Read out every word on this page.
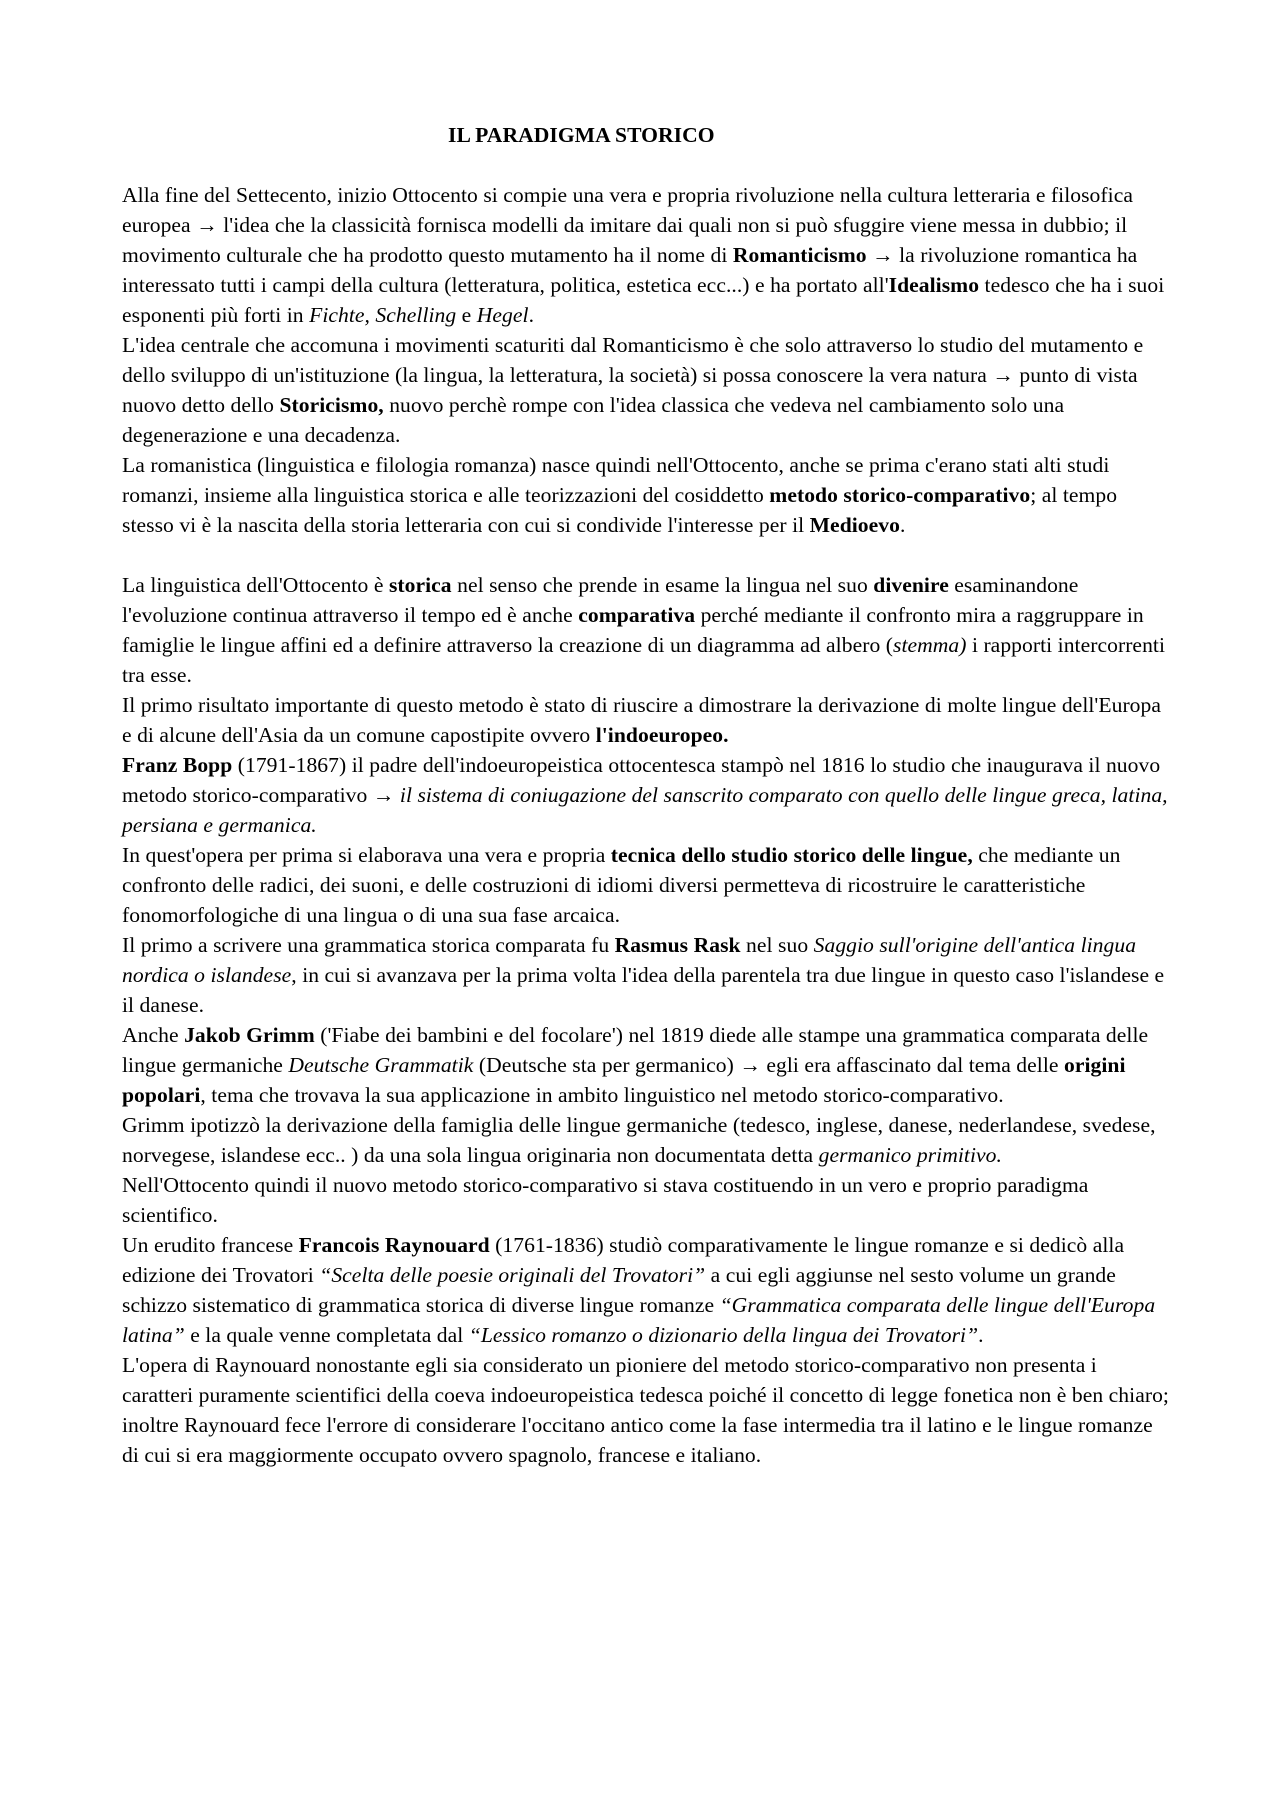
IL PARADIGMA STORICO

Alla fine del Settecento, inizio Ottocento si compie una vera e propria rivoluzione nella cultura letteraria e filosofica europea → l'idea che la classicità fornisca modelli da imitare dai quali non si può sfuggire viene messa in dubbio; il movimento culturale che ha prodotto questo mutamento ha il nome di Romanticismo → la rivoluzione romantica ha interessato tutti i campi della cultura (letteratura, politica, estetica ecc...) e ha portato all'Idealismo tedesco che ha i suoi esponenti più forti in Fichte, Schelling e Hegel.

L'idea centrale che accomuna i movimenti scaturiti dal Romanticismo è che solo attraverso lo studio del mutamento e dello sviluppo di un'istituzione (la lingua, la letteratura, la società) si possa conoscere la vera natura → punto di vista nuovo detto dello Storicismo, nuovo perchè rompe con l'idea classica che vedeva nel cambiamento solo una degenerazione e una decadenza.

La romanistica (linguistica e filologia romanza) nasce quindi nell'Ottocento, anche se prima c'erano stati alti studi romanzi, insieme alla linguistica storica e alle teorizzazioni del cosiddetto metodo storico-comparativo; al tempo stesso vi è la nascita della storia letteraria con cui si condivide l'interesse per il Medioevo.

La linguistica dell'Ottocento è storica nel senso che prende in esame la lingua nel suo divenire esaminandone l'evoluzione continua attraverso il tempo ed è anche comparativa perché mediante il confronto mira a raggruppare in famiglie le lingue affini ed a definire attraverso la creazione di un diagramma ad albero (stemma) i rapporti intercorrenti tra esse.

Il primo risultato importante di questo metodo è stato di riuscire a dimostrare la derivazione di molte lingue dell'Europa e di alcune dell'Asia da un comune capostipite ovvero l'indoeuropeo.

Franz Bopp (1791-1867) il padre dell'indoeuropeistica ottocentesca stampò nel 1816 lo studio che inaugurava il nuovo metodo storico-comparativo → il sistema di coniugazione del sanscrito comparato con quello delle lingue greca, latina, persiana e germanica.

In quest'opera per prima si elaborava una vera e propria tecnica dello studio storico delle lingue, che mediante un confronto delle radici, dei suoni, e delle costruzioni di idiomi diversi permetteva di ricostruire le caratteristiche fonomorfologiche di una lingua o di una sua fase arcaica.

Il primo a scrivere una grammatica storica comparata fu Rasmus Rask nel suo Saggio sull'origine dell'antica lingua nordica o islandese, in cui si avanzava per la prima volta l'idea della parentela tra due lingue in questo caso l'islandese e il danese.

Anche Jakob Grimm ('Fiabe dei bambini e del focolare') nel 1819 diede alle stampe una grammatica comparata delle lingue germaniche Deutsche Grammatik (Deutsche sta per germanico) → egli era affascinato dal tema delle origini popolari, tema che trovava la sua applicazione in ambito linguistico nel metodo storico-comparativo.

Grimm ipotizzò la derivazione della famiglia delle lingue germaniche (tedesco, inglese, danese, nederlandese, svedese, norvegese, islandese ecc.. ) da una sola lingua originaria non documentata detta germanico primitivo.

Nell'Ottocento quindi il nuovo metodo storico-comparativo si stava costituendo in un vero e proprio paradigma scientifico.

Un erudito francese Francois Raynouard (1761-1836) studiò comparativamente le lingue romanze e si dedicò alla edizione dei Trovatori “Scelta delle poesie originali del Trovatori” a cui egli aggiunse nel sesto volume un grande schizzo sistematico di grammatica storica di diverse lingue romanze “Grammatica comparata delle lingue dell'Europa latina” e la quale venne completata dal “Lessico romanzo o dizionario della lingua dei Trovatori”.

L'opera di Raynouard nonostante egli sia considerato un pioniere del metodo storico-comparativo non presenta i caratteri puramente scientifici della coeva indoeuropeistica tedesca poiché il concetto di legge fonetica non è ben chiaro; inoltre Raynouard fece l'errore di considerare l'occitano antico come la fase intermedia tra il latino e le lingue romanze di cui si era maggiormente occupato ovvero spagnolo, francese e italiano.
